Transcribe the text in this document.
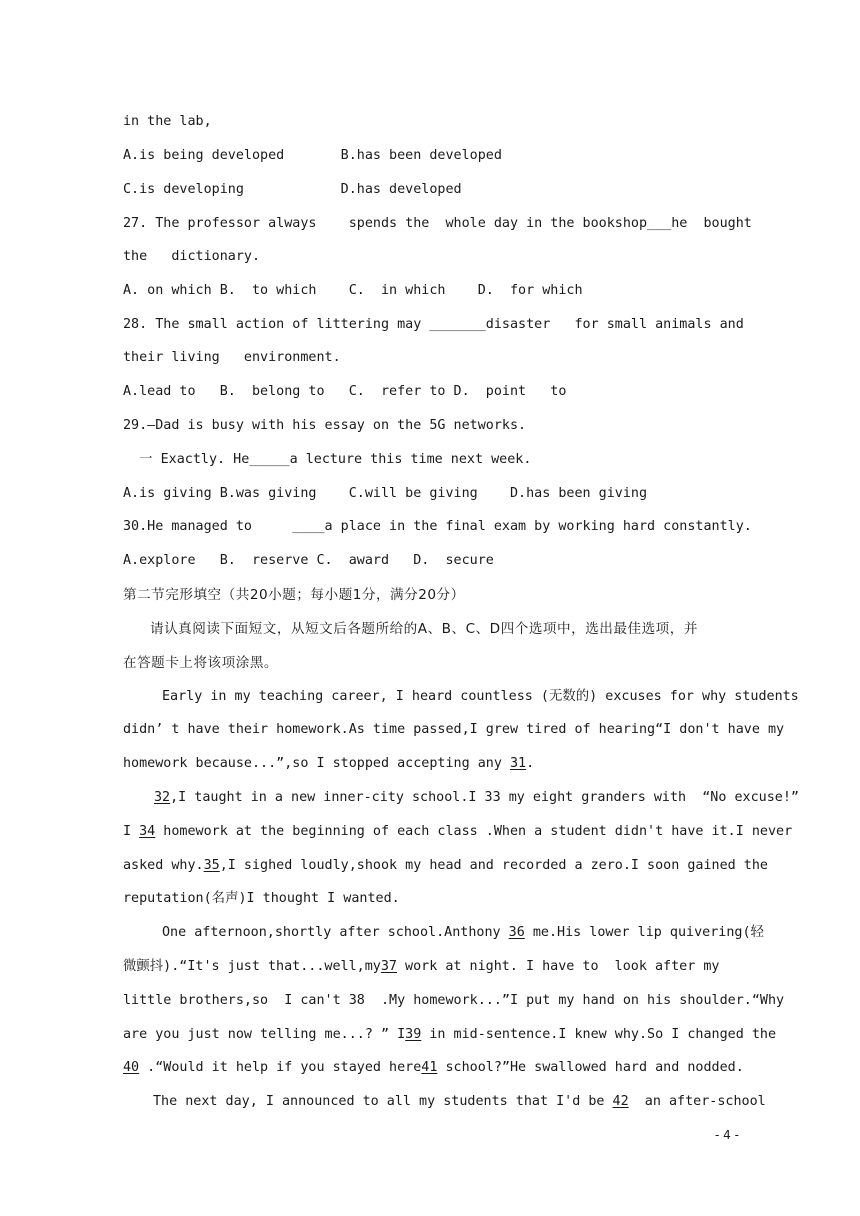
in the lab,
A.is being developed       B.has been developed
C.is developing            D.has developed
27. The professor always    spends the  whole day in the bookshop___he  bought
the   dictionary.
A. on which B.  to which    C.  in which    D.  for which
28. The small action of littering may _______disaster   for small animals and
their living   environment.
A.lead to   B.  belong to   C.  refer to D.  point   to
29.—Dad is busy with his essay on the 5G networks.
一 Exactly. He_____a lecture this time next week.
A.is giving B.was giving    C.will be giving    D.has been giving
30.He managed to     ____a place in the final exam by working hard constantly.
A.explore   B.  reserve C.  award   D.  secure
第二节完形填空（共20小题；每小题1分，满分20分）
请认真阅读下面短文，从短文后各题所给的A、B、C、D四个选项中，选出最佳选项，并
在答题卡上将该项涂黑。
Early in my teaching career, I heard countless (无数的) excuses for why students
didn’ t have their homework.As time passed,I grew tired of hearing“I don't have my
homework because...”,so I stopped accepting any 31.
32,I taught in a new inner-city school.I 33 my eight granders with  “No excuse!”
I 34 homework at the beginning of each class .When a student didn't have it.I never
asked why.35,I sighed loudly,shook my head and recorded a zero.I soon gained the
reputation(名声)I thought I wanted.
One afternoon,shortly after school.Anthony 36 me.His lower lip quivering(轻
微颤抖).“It's just that...well,my37 work at night. I have to  look after my
little brothers,so  I can't 38  .My homework...”I put my hand on his shoulder.“Why
are you just now telling me...? ” I39 in mid-sentence.I knew why.So I changed the
40 .“Would it help if you stayed here41 school?”He swallowed hard and nodded.
The next day, I announced to all my students that I'd be 42  an after-school
- 4 -
